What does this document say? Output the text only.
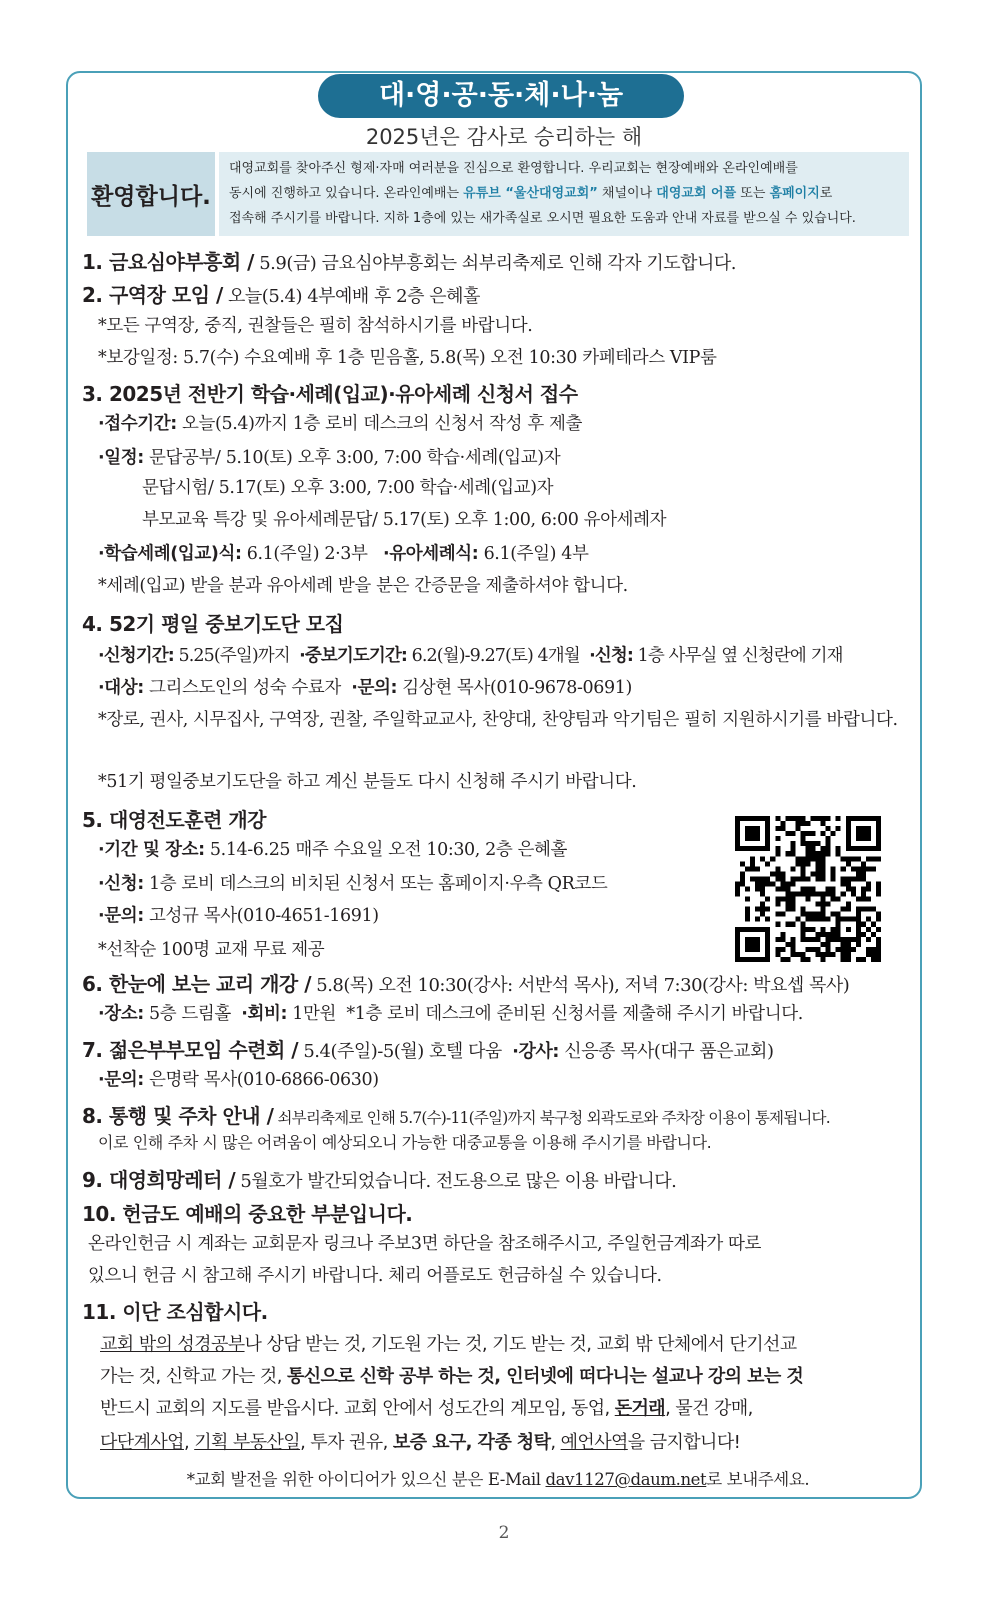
대·영·공·동·체·나·눔
2025년은 감사로 승리하는 해
환영합니다.
대영교회를 찾아주신 형제·자매 여러분을 진심으로 환영합니다. 우리교회는 현장예배와 온라인예배를
동시에 진행하고 있습니다. 온라인예배는 유튜브 “울산대영교회” 채널이나 대영교회 어플 또는 홈페이지로
접속해 주시기를 바랍니다. 지하 1층에 있는 새가족실로 오시면 필요한 도움과 안내 자료를 받으실 수 있습니다.
1. 금요심야부흥회 / 5.9(금) 금요심야부흥회는 쇠부리축제로 인해 각자 기도합니다.
2. 구역장 모임 / 오늘(5.4) 4부예배 후 2층 은혜홀
*모든 구역장, 중직, 권찰들은 필히 참석하시기를 바랍니다.
*보강일정: 5.7(수) 수요예배 후 1층 믿음홀, 5.8(목) 오전 10:30 카페테라스 VIP룸
3. 2025년 전반기 학습·세례(입교)·유아세례 신청서 접수
·접수기간: 오늘(5.4)까지 1층 로비 데스크의 신청서 작성 후 제출
·일정: 문답공부/ 5.10(토) 오후 3:00, 7:00 학습·세례(입교)자
문답시험/ 5.17(토) 오후 3:00, 7:00 학습·세례(입교)자
부모교육 특강 및 유아세례문답/ 5.17(토) 오후 1:00, 6:00 유아세례자
·학습세례(입교)식: 6.1(주일) 2·3부   ·유아세례식: 6.1(주일) 4부
*세례(입교) 받을 분과 유아세례 받을 분은 간증문을 제출하셔야 합니다.
4. 52기 평일 중보기도단 모집
·신청기간: 5.25(주일)까지  ·중보기도기간: 6.2(월)-9.27(토) 4개월  ·신청: 1층 사무실 옆 신청란에 기재
·대상: 그리스도인의 성숙 수료자  ·문의: 김상현 목사(010-9678-0691)
*장로, 권사, 시무집사, 구역장, 권찰, 주일학교교사, 찬양대, 찬양팀과 악기팀은 필히 지원하시기를 바랍니다.
*51기 평일중보기도단을 하고 계신 분들도 다시 신청해 주시기 바랍니다.
5. 대영전도훈련 개강
·기간 및 장소: 5.14-6.25 매주 수요일 오전 10:30, 2층 은혜홀
·신청: 1층 로비 데스크의 비치된 신청서 또는 홈페이지·우측 QR코드
·문의: 고성규 목사(010-4651-1691)
*선착순 100명 교재 무료 제공
6. 한눈에 보는 교리 개강 / 5.8(목) 오전 10:30(강사: 서반석 목사), 저녁 7:30(강사: 박요셉 목사)
·장소: 5층 드림홀  ·회비: 1만원  *1층 로비 데스크에 준비된 신청서를 제출해 주시기 바랍니다.
7. 젊은부부모임 수련회 / 5.4(주일)-5(월) 호텔 다움  ·강사: 신응종 목사(대구 품은교회)
·문의: 은명락 목사(010-6866-0630)
8. 통행 및 주차 안내 / 쇠부리축제로 인해 5.7(수)-11(주일)까지 북구청 외곽도로와 주차장 이용이 통제됩니다.
이로 인해 주차 시 많은 어려움이 예상되오니 가능한 대중교통을 이용해 주시기를 바랍니다.
9. 대영희망레터 / 5월호가 발간되었습니다. 전도용으로 많은 이용 바랍니다.
10. 헌금도 예배의 중요한 부분입니다.
온라인헌금 시 계좌는 교회문자 링크나 주보3면 하단을 참조해주시고, 주일헌금계좌가 따로
있으니 헌금 시 참고해 주시기 바랍니다. 체리 어플로도 헌금하실 수 있습니다.
11. 이단 조심합시다.
교회 밖의 성경공부나 상담 받는 것, 기도원 가는 것, 기도 받는 것, 교회 밖 단체에서 단기선교
가는 것, 신학교 가는 것, 통신으로 신학 공부 하는 것, 인터넷에 떠다니는 설교나 강의 보는 것
반드시 교회의 지도를 받읍시다. 교회 안에서 성도간의 계모임, 동업, 돈거래, 물건 강매,
다단계사업, 기획 부동산일, 투자 권유, 보증 요구, 각종 청탁, 예언사역을 금지합니다!
*교회 발전을 위한 아이디어가 있으신 분은 E-Mail dav1127@daum.net로 보내주세요.
2
